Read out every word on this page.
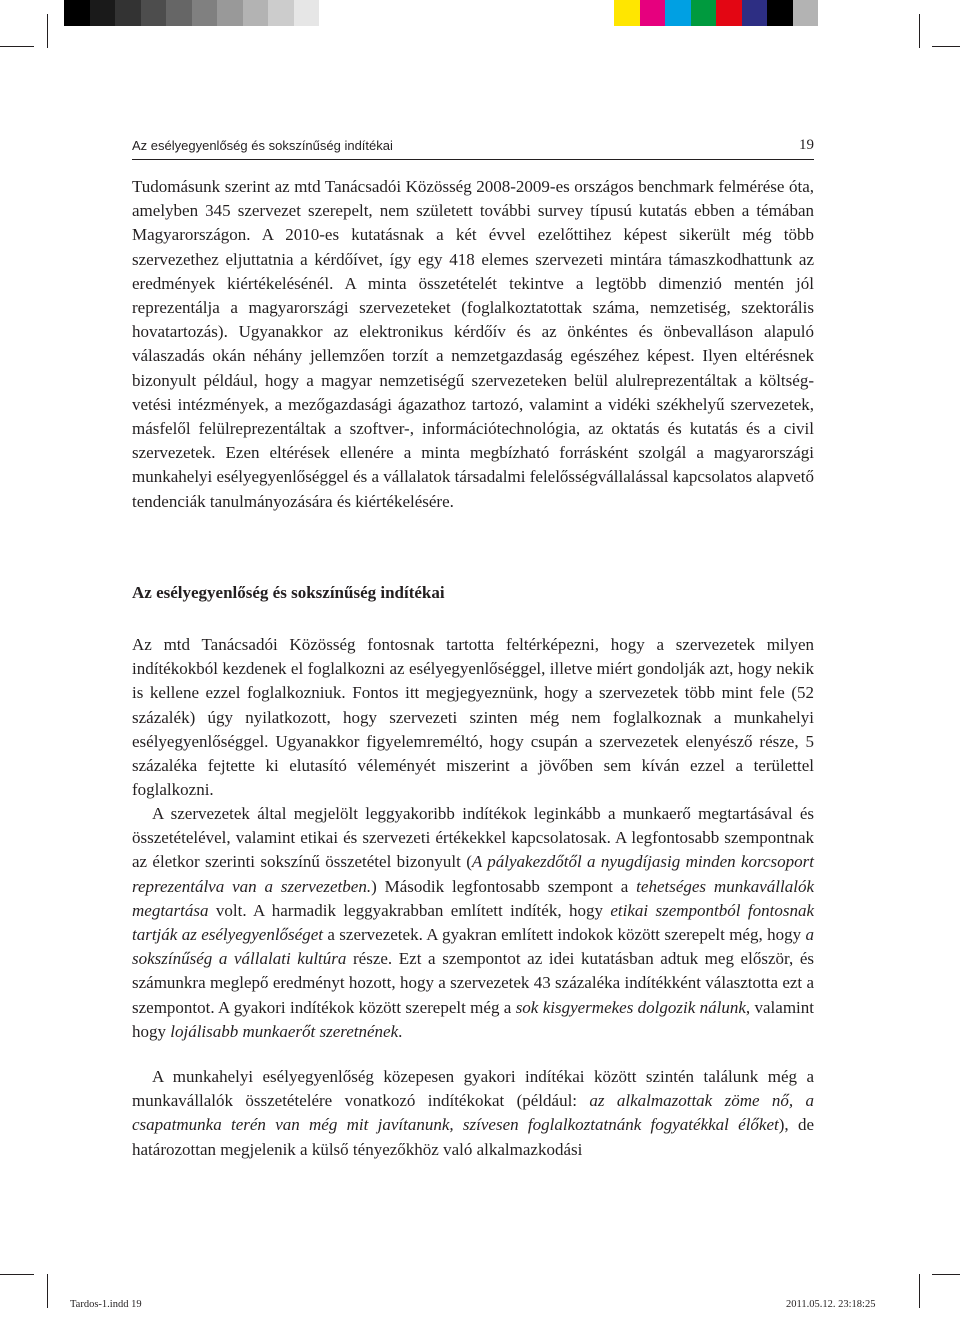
Az esélyegyenlőség és sokszínűség indítékai	19

Tudomásunk szerint az mtd Tanácsadói Közösség 2008-2009-es országos benchmark felmérése óta, amelyben 345 szervezet szerepelt, nem született további survey típusú kutatás ebben a témában Magyarországon. A 2010-es kutatásnak a két évvel ezelőttihez képest sikerült még több szervezethez eljuttatnia a kérdőívet, így egy 418 elemes szervezeti mintára támaszkodhattunk az eredmények kiértékelésénél. A minta összetételét tekintve a legtöbb dimenzió mentén jól reprezentálja a magyarországi szervezeteket (foglalkoztatottak száma, nemzetiség, szektorális hovatartozás). Ugyanakkor az elektronikus kérdőív és az önkéntes és önbevalláson alapuló válaszadás okán néhány jellemzően torzít a nemzetgazdaság egészéhez képest. Ilyen eltérésnek bizonyult például, hogy a magyar nemzetiségű szervezeteken belül alulreprezentáltak a költségvetési intézmények, a mezőgazdasági ágazathoz tartozó, valamint a vidéki székhelyű szervezetek, másfelől felülreprezentáltak a szoftver-, információtechnológia, az oktatás és kutatás és a civil szervezetek. Ezen eltérések ellenére a minta megbízható forrásként szolgál a magyarországi munkahelyi esélyegyenlőséggel és a vállalatok társadalmi felelősségvállalással kapcsolatos alapvető tendenciák tanulmányozására és kiértékelésére.

Az esélyegyenlőség és sokszínűség indítékai

Az mtd Tanácsadói Közösség fontosnak tartotta feltérképezni, hogy a szervezetek milyen indítékokból kezdenek el foglalkozni az esélyegyenlőséggel, illetve miért gondolják azt, hogy nekik is kellene ezzel foglalkozniuk. Fontos itt megjegyeznünk, hogy a szervezetek több mint fele (52 százalék) úgy nyilatkozott, hogy szervezeti szinten még nem foglalkoznak a munkahelyi esélyegyenlőséggel. Ugyanakkor figyelemreméltó, hogy csupán a szervezetek elenyésző része, 5 százaléka fejtette ki elutasító véleményét miszerint a jövőben sem kíván ezzel a területtel foglalkozni.

A szervezetek által megjelölt leggyakoribb indítékok leginkább a munkaerő megtartásával és összetételével, valamint etikai és szervezeti értékekkel kapcsolatosak. A legfontosabb szempontnak az életkor szerinti sokszínű összetétel bizonyult (A pályakezdőtől a nyugdíjasig minden korcsoport reprezentálva van a szervezetben.) Második legfontosabb szempont a tehetséges munkavállalók megtartása volt. A harmadik leggyakrabban említett indíték, hogy etikai szempontból fontosnak tartják az esélyegyenlőséget a szervezetek. A gyakran említett indokok között szerepelt még, hogy a sokszínűség a vállalati kultúra része. Ezt a szempontot az idei kutatásban adtuk meg először, és számunkra meglepő eredményt hozott, hogy a szervezetek 43 százaléka indítékként választotta ezt a szempontot. A gyakori indítékok között szerepelt még a sok kisgyermekes dolgozik nálunk, valamint hogy lojálisabb munkaerőt szeretnének.

A munkahelyi esélyegyenlőség közepesen gyakori indítékai között szintén találunk még a munkavállalók összetételére vonatkozó indítékokat (például: az alkalmazottak zöme nő, a csapatmunka terén van még mit javítanunk, szívesen foglalkoztatnánk fogyatékkal élőket), de határozottan megjelenik a külső tényezőkhöz való alkalmazkodási

Tardos-1.indd 19	2011.05.12. 23:18:25
